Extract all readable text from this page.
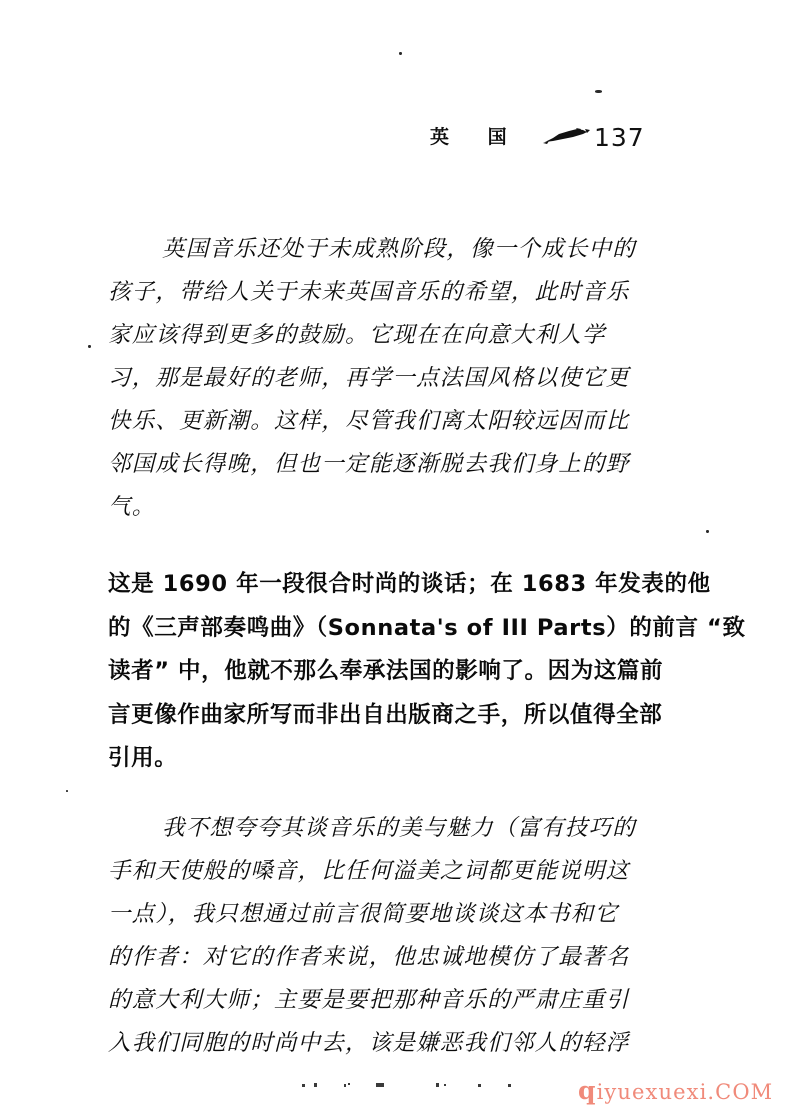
英 国	137
英国音乐还处于未成熟阶段，像一个成长中的
孩子，带给人关于未来英国音乐的希望，此时音乐
家应该得到更多的鼓励。它现在在向意大利人学
习，那是最好的老师，再学一点法国风格以使它更
快乐、更新潮。这样，尽管我们离太阳较远因而比
邻国成长得晚，但也一定能逐渐脱去我们身上的野
气。
这是 1690 年一段很合时尚的谈话；在 1683 年发表的他
的《三声部奏鸣曲》（Sonnata's of III Parts）的前言 “致
读者” 中，他就不那么奉承法国的影响了。因为这篇前
言更像作曲家所写而非出自出版商之手，所以值得全部
引用。
我不想夸夸其谈音乐的美与魅力（富有技巧的
手和天使般的嗓音，比任何溢美之词都更能说明这
一点），我只想通过前言很简要地谈谈这本书和它
的作者：对它的作者来说，他忠诚地模仿了最著名
的意大利大师；主要是要把那种音乐的严肃庄重引
入我们同胞的时尚中去，该是嫌恶我们邻人的轻浮
qiyuexuexi.COM
